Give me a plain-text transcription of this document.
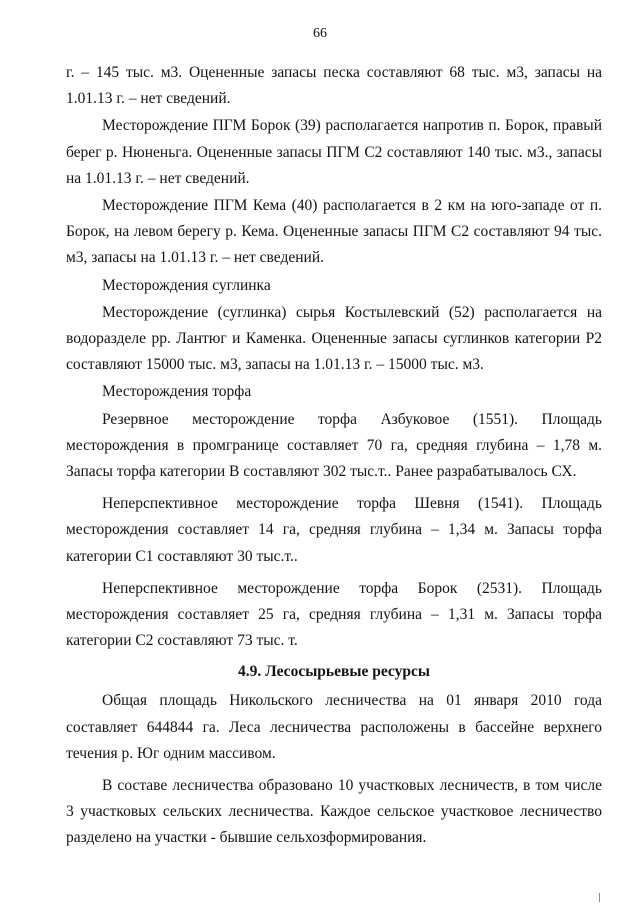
66

г. – 145 тыс. м3. Оцененные запасы песка составляют 68 тыс. м3, запасы на 1.01.13 г. – нет сведений.

Месторождение ПГМ Борок (39) располагается напротив п. Борок, правый берег р. Нюненьга. Оцененные запасы ПГМ С2 составляют 140 тыс. м3., запасы на 1.01.13 г. – нет сведений.

Месторождение ПГМ Кема (40) располагается в 2 км на юго-западе от п. Борок, на левом берегу р. Кема. Оцененные запасы ПГМ С2 составляют 94 тыс. м3, запасы на 1.01.13 г. – нет сведений.

Месторождения суглинка

Месторождение (суглинка) сырья Костылевский (52) располагается на водоразделе рр. Лантюг и Каменка. Оцененные запасы суглинков категории Р2 составляют 15000 тыс. м3, запасы на 1.01.13 г. – 15000 тыс. м3.

Месторождения торфа

Резервное месторождение торфа Азбуковое (1551). Площадь месторождения в промгранице составляет 70 га, средняя глубина – 1,78 м. Запасы торфа категории В составляют 302 тыс.т.. Ранее разрабатывалось СХ.

Неперспективное месторождение торфа Шевня (1541). Площадь месторождения составляет 14 га, средняя глубина – 1,34 м. Запасы торфа категории С1 составляют 30 тыс.т..

Неперспективное месторождение торфа Борок (2531). Площадь месторождения составляет 25 га, средняя глубина – 1,31 м. Запасы торфа категории С2 составляют 73 тыс. т.

4.9. Лесосырьевые ресурсы

Общая площадь Никольского лесничества на 01 января 2010 года составляет 644844 га. Леса лесничества расположены в бассейне верхнего течения р. Юг одним массивом.

В составе лесничества образовано 10 участковых лесничеств, в том числе 3 участковых сельских лесничества. Каждое сельское участковое лесничество разделено на участки - бывшие сельхозформирования.
